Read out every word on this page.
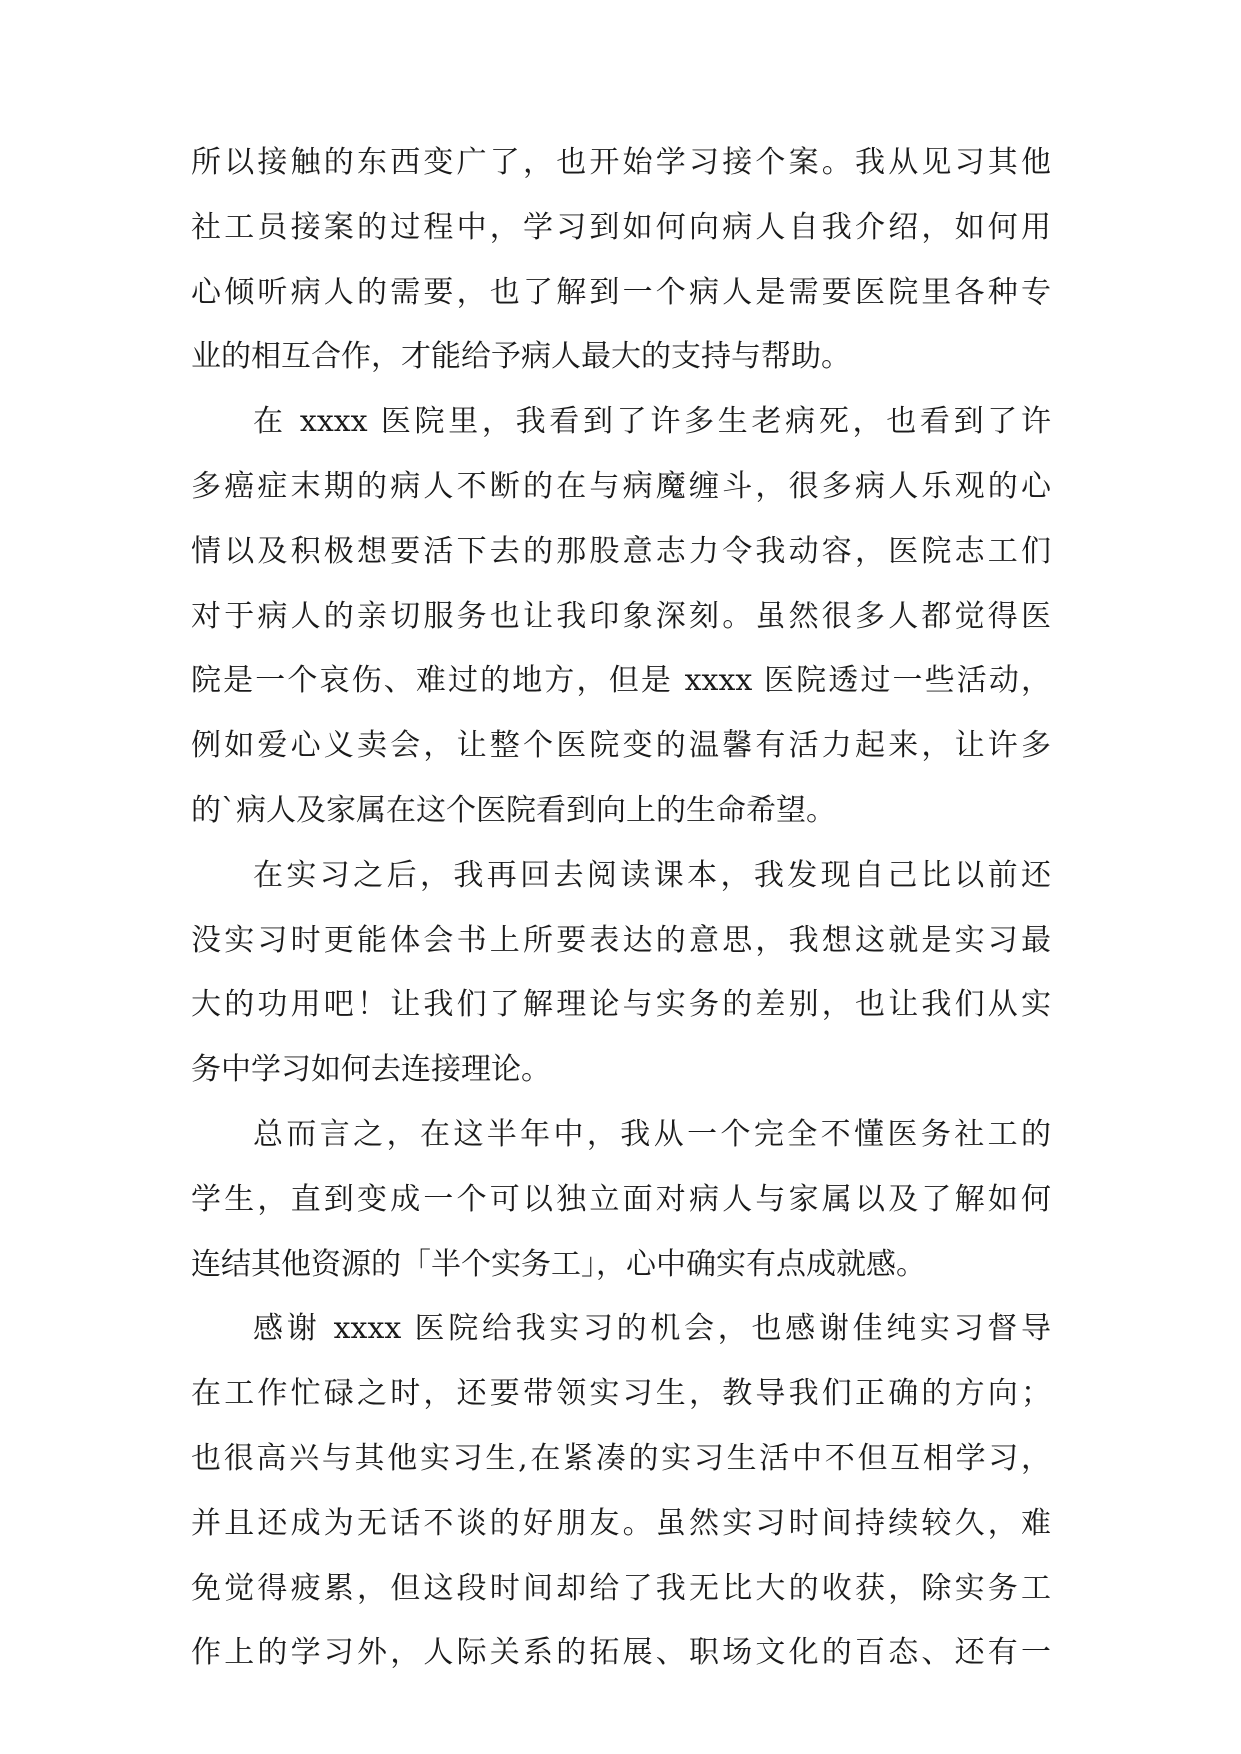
所以接触的东西变广了，也开始学习接个案。我从见习其他
社工员接案的过程中，学习到如何向病人自我介绍，如何用
心倾听病人的需要，也了解到一个病人是需要医院里各种专
业的相互合作，才能给予病人最大的支持与帮助。
在 xxxx 医院里，我看到了许多生老病死，也看到了许
多癌症末期的病人不断的在与病魔缠斗，很多病人乐观的心
情以及积极想要活下去的那股意志力令我动容，医院志工们
对于病人的亲切服务也让我印象深刻。虽然很多人都觉得医
院是一个哀伤、难过的地方，但是 xxxx 医院透过一些活动，
例如爱心义卖会，让整个医院变的温馨有活力起来，让许多
的`病人及家属在这个医院看到向上的生命希望。
在实习之后，我再回去阅读课本，我发现自己比以前还
没实习时更能体会书上所要表达的意思，我想这就是实习最
大的功用吧！让我们了解理论与实务的差别，也让我们从实
务中学习如何去连接理论。
总而言之，在这半年中，我从一个完全不懂医务社工的
学生，直到变成一个可以独立面对病人与家属以及了解如何
连结其他资源的「半个实务工」，心中确实有点成就感。
感谢 xxxx 医院给我实习的机会，也感谢佳纯实习督导
在工作忙碌之时，还要带领实习生，教导我们正确的方向；
也很高兴与其他实习生,在紧凑的实习生活中不但互相学习，
并且还成为无话不谈的好朋友。虽然实习时间持续较久，难
免觉得疲累，但这段时间却给了我无比大的收获，除实务工
作上的学习外，人际关系的拓展、职场文化的百态、还有一
